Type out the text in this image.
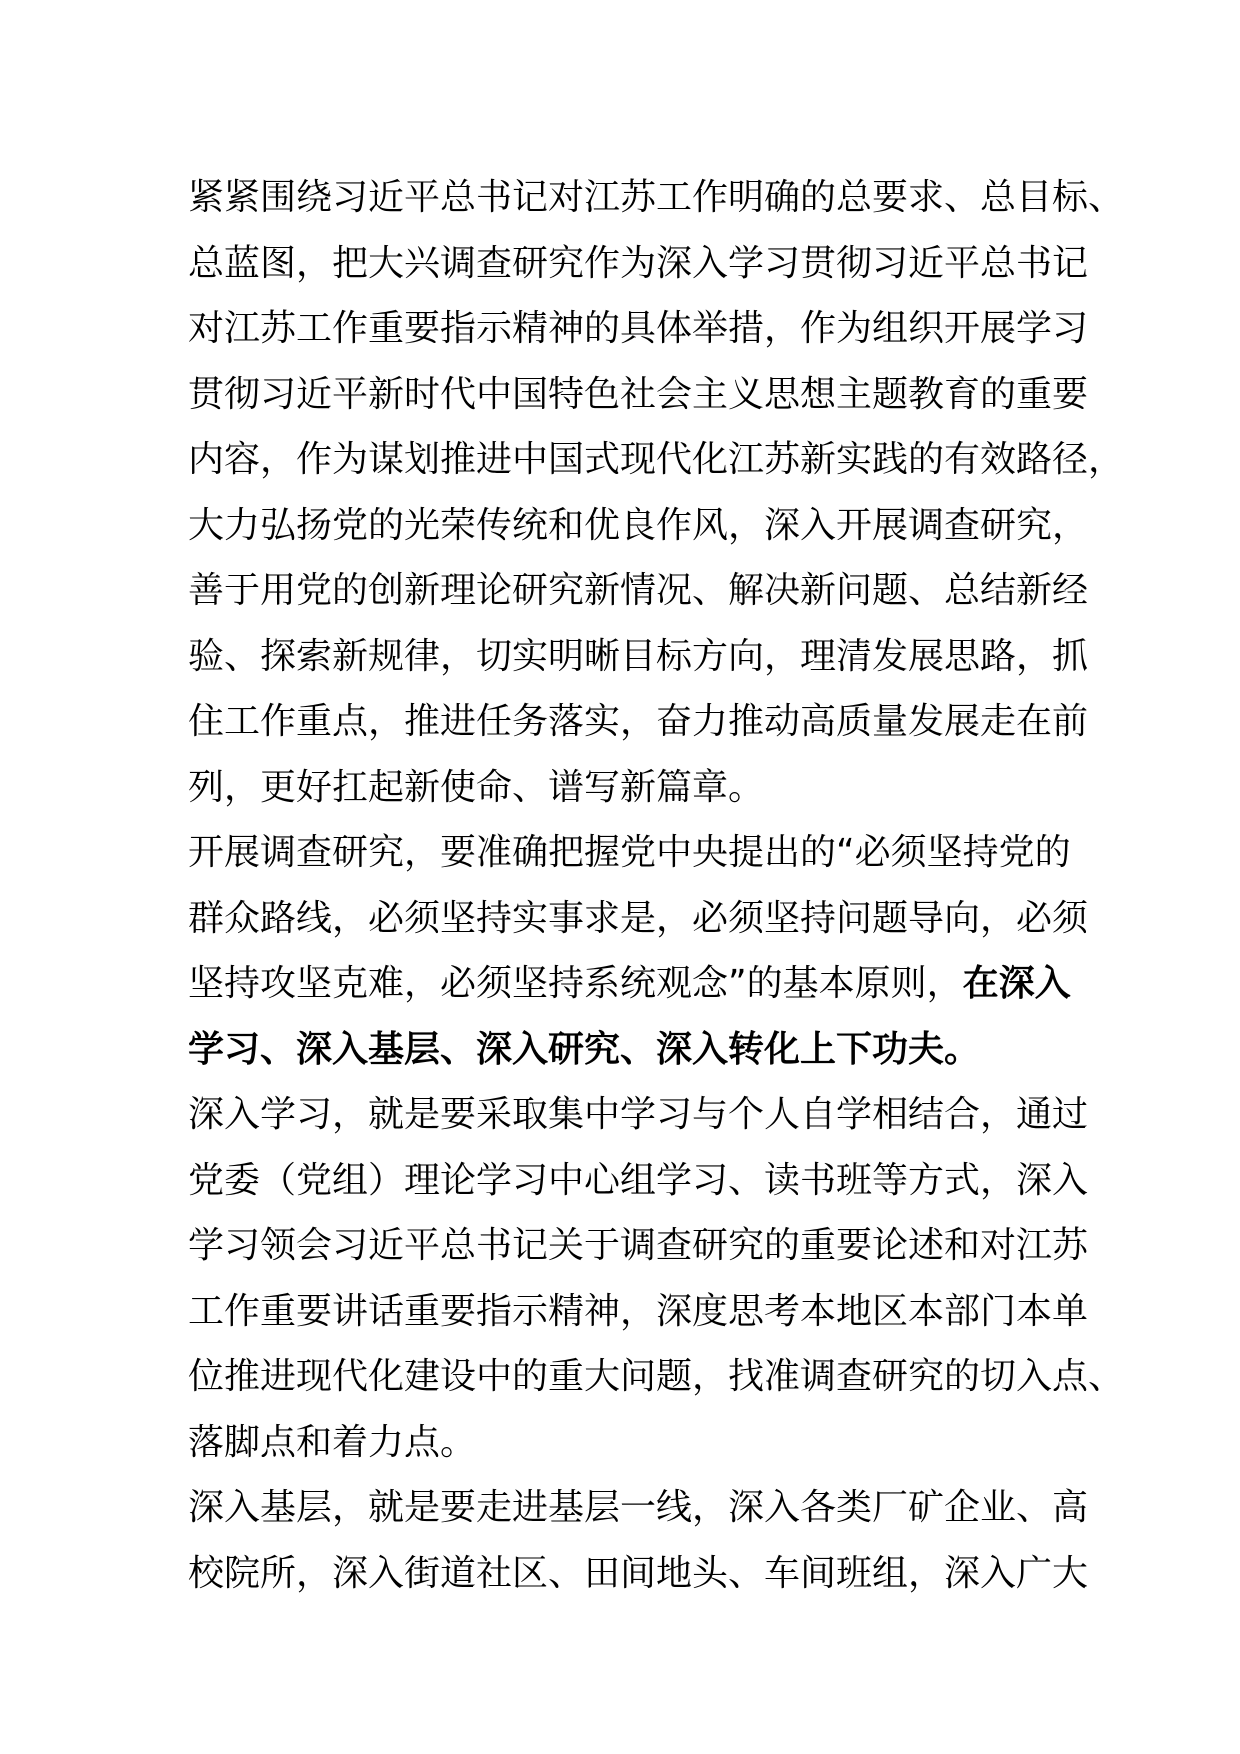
紧紧围绕习近平总书记对江苏工作明确的总要求、总目标、

总蓝图，把大兴调查研究作为深入学习贯彻习近平总书记

对江苏工作重要指示精神的具体举措，作为组织开展学习

贯彻习近平新时代中国特色社会主义思想主题教育的重要

内容，作为谋划推进中国式现代化江苏新实践的有效路径，

大力弘扬党的光荣传统和优良作风，深入开展调查研究，

善于用党的创新理论研究新情况、解决新问题、总结新经

验、探索新规律，切实明晰目标方向，理清发展思路，抓

住工作重点，推进任务落实，奋力推动高质量发展走在前

列，更好扛起新使命、谱写新篇章。

开展调查研究，要准确把握党中央提出的“必须坚持党的

群众路线，必须坚持实事求是，必须坚持问题导向，必须

坚持攻坚克难，必须坚持系统观念”的基本原则，在深入

学习、深入基层、深入研究、深入转化上下功夫。

深入学习，就是要采取集中学习与个人自学相结合，通过

党委（党组）理论学习中心组学习、读书班等方式，深入

学习领会习近平总书记关于调查研究的重要论述和对江苏

工作重要讲话重要指示精神，深度思考本地区本部门本单

位推进现代化建设中的重大问题，找准调查研究的切入点、

落脚点和着力点。

深入基层，就是要走进基层一线，深入各类厂矿企业、高

校院所，深入街道社区、田间地头、车间班组，深入广大
